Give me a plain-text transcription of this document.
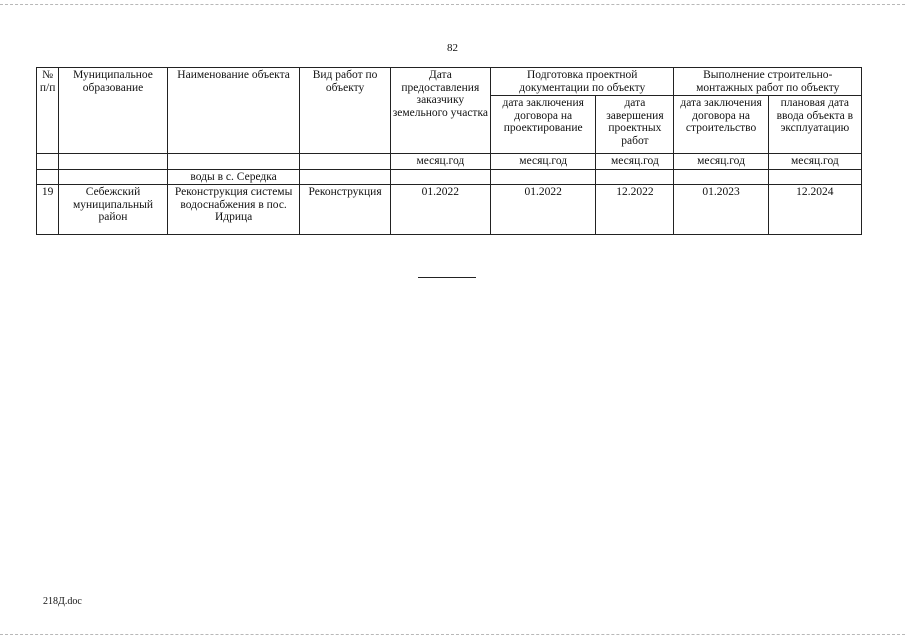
82
№ п/п	Муниципальное образование	Наименование объекта	Вид работ по объекту	Дата предоставления заказчику земельного участка	Подготовка проектной документации по объекту		Выполнение строительно-монтажных работ по объекту	
					дата заключения договора на проектирование	дата завершения проектных работ	дата заключения договора на строительство	плановая дата ввода объекта в эксплуатацию
				месяц.год	месяц.год	месяц.год	месяц.год	месяц.год
		воды в с. Середка						
19	Себежский муниципальный район	Реконструкция системы водоснабжения в пос. Идрица	Реконструкция	01.2022	01.2022	12.2022	01.2023	12.2024
218Д.doc
